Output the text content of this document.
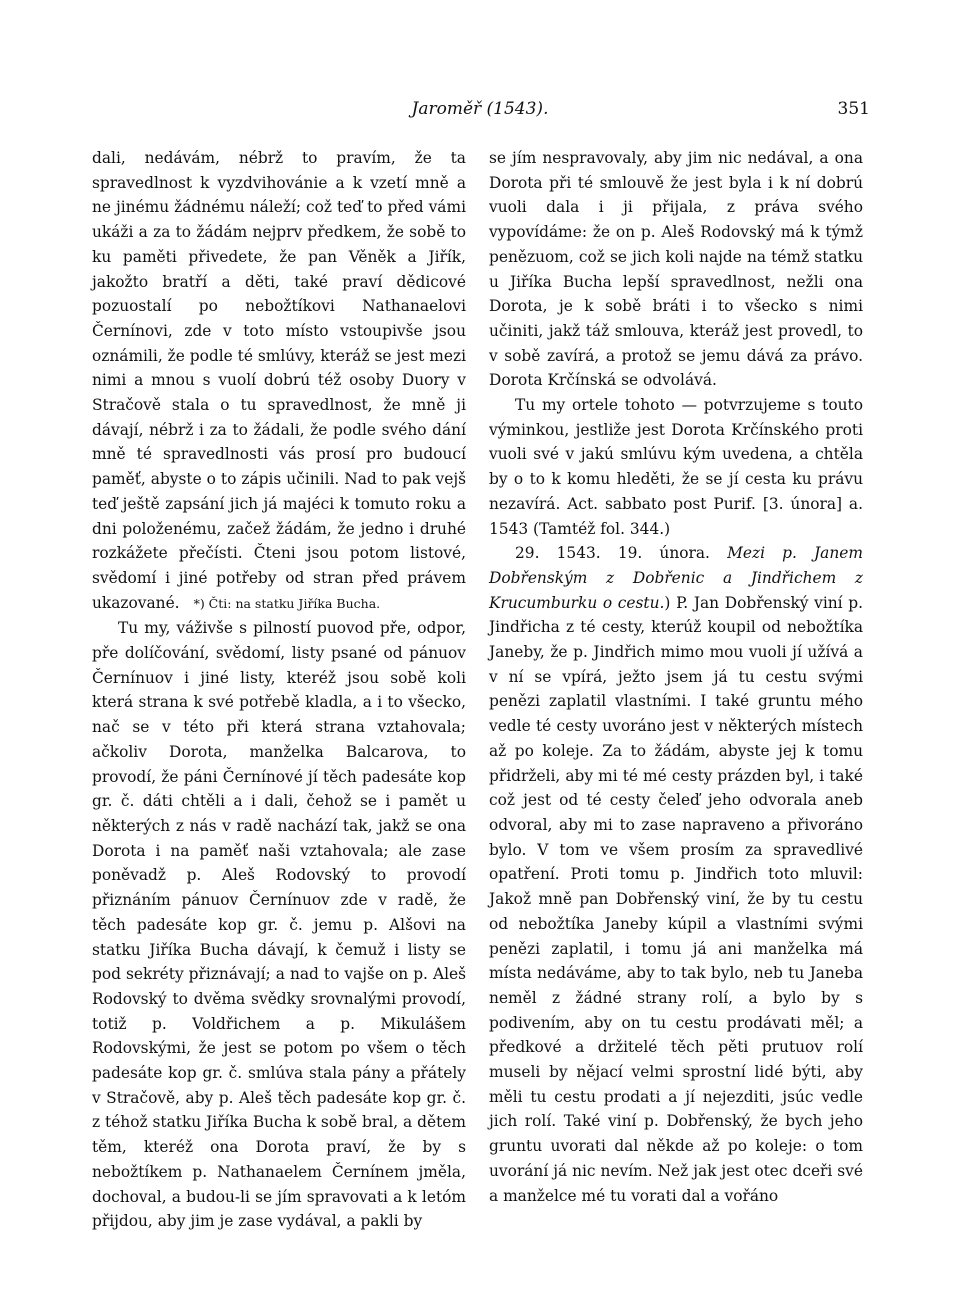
Jaroměř (1543).	351

dali, nedávám, nébrž to pravím, že ta spravedlnost k vyzdvihovánie a k vzetí mně a ne jinému žádnému náleží; což teď to před vámi ukáži a za to žádám nejprv předkem, že sobě to ku paměti přivedete, že pan Věněk a Jiřík, jakožto bratří a děti, také praví dědicové pozuostalí po nebožtíkovi Nathanaelovi Černínovi, zde v toto místo vstoupivše jsou oznámili, že podle té smlúvy, kteráž se jest mezi nimi a mnou s vuolí dobrú též osoby Duory v Stračově stala o tu spravedlnost, že mně ji dávají, nébrž i za to žádali, že podle svého dání mně té spravedlnosti vás prosí pro budoucí paměť, abyste o to zápis učinili. Nad to pak vejš teď ještě zapsání jich já majéci k tomuto roku a dni položenému, začež žádám, že jedno i druhé rozkážete přečísti. Čteni jsou potom listové, svědomí i jiné potřeby od stran před právem ukazované. *) Čti: na statku Jiříka Bucha.

Tu my, váživše s pilností puovod pře, odpor, pře dolíčování, svědomí, listy psané od pánuov Černínuov i jiné listy, kteréž jsou sobě koli která strana k své potřebě kladla, a i to všecko, nač se v této při která strana vztahovala; ačkoliv Dorota, manželka Balcarova, to provodí, že páni Černínové jí těch padesáte kop gr. č. dáti chtěli a i dali, čehož se i pamět u některých z nás v radě nachází tak, jakž se ona Dorota i na paměť naši vztahovala; ale zase poněvadž p. Aleš Rodovský to provodí přiznáním pánuov Černínuov zde v radě, že těch padesáte kop gr. č. jemu p. Alšovi na statku Jiříka Bucha dávají, k čemuž i listy se pod sekréty přiznávají; a nad to vajše on p. Aleš Rodovský to dvěma svědky srovnalými provodí, totiž p. Voldřichem a p. Mikulášem Rodovskými, že jest se potom po všem o těch padesáte kop gr. č. smlúva stala pány a přátely v Stračově, aby p. Aleš těch padesáte kop gr. č. z téhož statku Jiříka Bucha k sobě bral, a dětem těm, kteréž ona Dorota praví, že by s nebožtíkem p. Nathanaelem Černínem jměla, dochoval, a budou-li se jím spravovati a k letóm přijdou, aby jim je zase vydával, a pakli by

se jím nespravovaly, aby jim nic nedával, a ona Dorota při té smlouvě že jest byla i k ní dobrú vuoli dala i ji přijala, z práva svého vypovídáme: že on p. Aleš Rodovský má k týmž penězuom, což se jich koli najde na témž statku u Jiříka Bucha lepší spravedlnost, nežli ona Dorota, je k sobě bráti i to všecko s nimi učiniti, jakž táž smlouva, kteráž jest provedl, to v sobě zavírá, a protož se jemu dává za právo. Dorota Krčínská se odvolává.

Tu my ortele tohoto — potvrzujeme s touto výminkou, jestliže jest Dorota Krčínského proti vuoli své v jakú smlúvu kým uvedena, a chtěla by o to k komu hleděti, že se jí cesta ku právu nezavírá. Act. sabbato post Purif. [3. února] a. 1543 (Tamtéž fol. 344.)

29. 1543. 19. února. Mezi p. Janem Dobřenským z Dobřenic a Jindřichem z Krucumburku o cestu.) P. Jan Dobřenský viní p. Jindřicha z té cesty, kterúž koupil od nebožtíka Janeby, že p. Jindřich mimo mou vuoli jí užívá a v ní se vpírá, ježto jsem já tu cestu svými penězi zaplatil vlastními. I také gruntu mého vedle té cesty uvoráno jest v některých místech až po koleje. Za to žádám, abyste jej k tomu přidrželi, aby mi té mé cesty prázden byl, i také což jest od té cesty čeleď jeho odvorala aneb odvoral, aby mi to zase napraveno a přivoráno bylo. V tom ve všem prosím za spravedlivé opatření. Proti tomu p. Jindřich toto mluvil: Jakož mně pan Dobřenský viní, že by tu cestu od nebožtíka Janeby kúpil a vlastními svými penězi zaplatil, i tomu já ani manželka má místa nedáváme, aby to tak bylo, neb tu Janeba neměl z žádné strany rolí, a bylo by s podivením, aby on tu cestu prodávati měl; a předkové a držitelé těch pěti prutuov rolí museli by nějací velmi sprostní lidé býti, aby měli tu cestu prodati a jí nejezditi, jsúc vedle jich rolí. Také viní p. Dobřenský, že bych jeho gruntu uvorati dal někde až po koleje: o tom uvorání já nic nevím. Než jak jest otec dceři své a manželce mé tu vorati dal a vořáno
